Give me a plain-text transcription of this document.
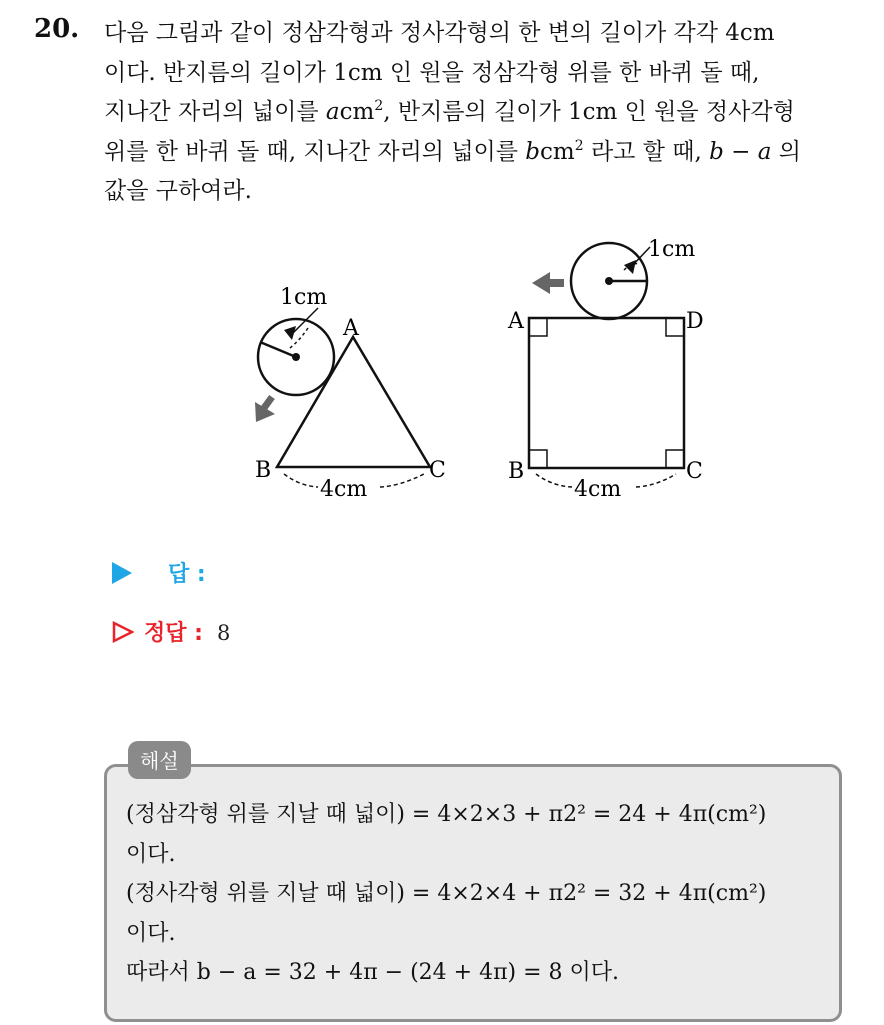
20. 다음 그림과 같이 정삼각형과 정사각형의 한 변의 길이가 각각 4cm
이다. 반지름의 길이가 1cm 인 원을 정삼각형 위를 한 바퀴 돌 때,
지나간 자리의 넓이를 acm$^2$, 반지름의 길이가 1cm 인 원을 정사각형
위를 한 바퀴 돌 때, 지나간 자리의 넓이를 bcm$^2$ 라고 할 때, b − a 의
값을 구하여라.
1cm
A
B	C
4cm
1cm
A	D
B	C
4cm
답 :
정답 : 8
해설
(정삼각형 위를 지날 때 넓이) = 4×2×3 + π2² = 24 + 4π(cm²)
이다.
(정사각형 위를 지날 때 넓이) = 4×2×4 + π2² = 32 + 4π(cm²)
이다.
따라서 b − a = 32 + 4π − (24 + 4π) = 8 이다.
